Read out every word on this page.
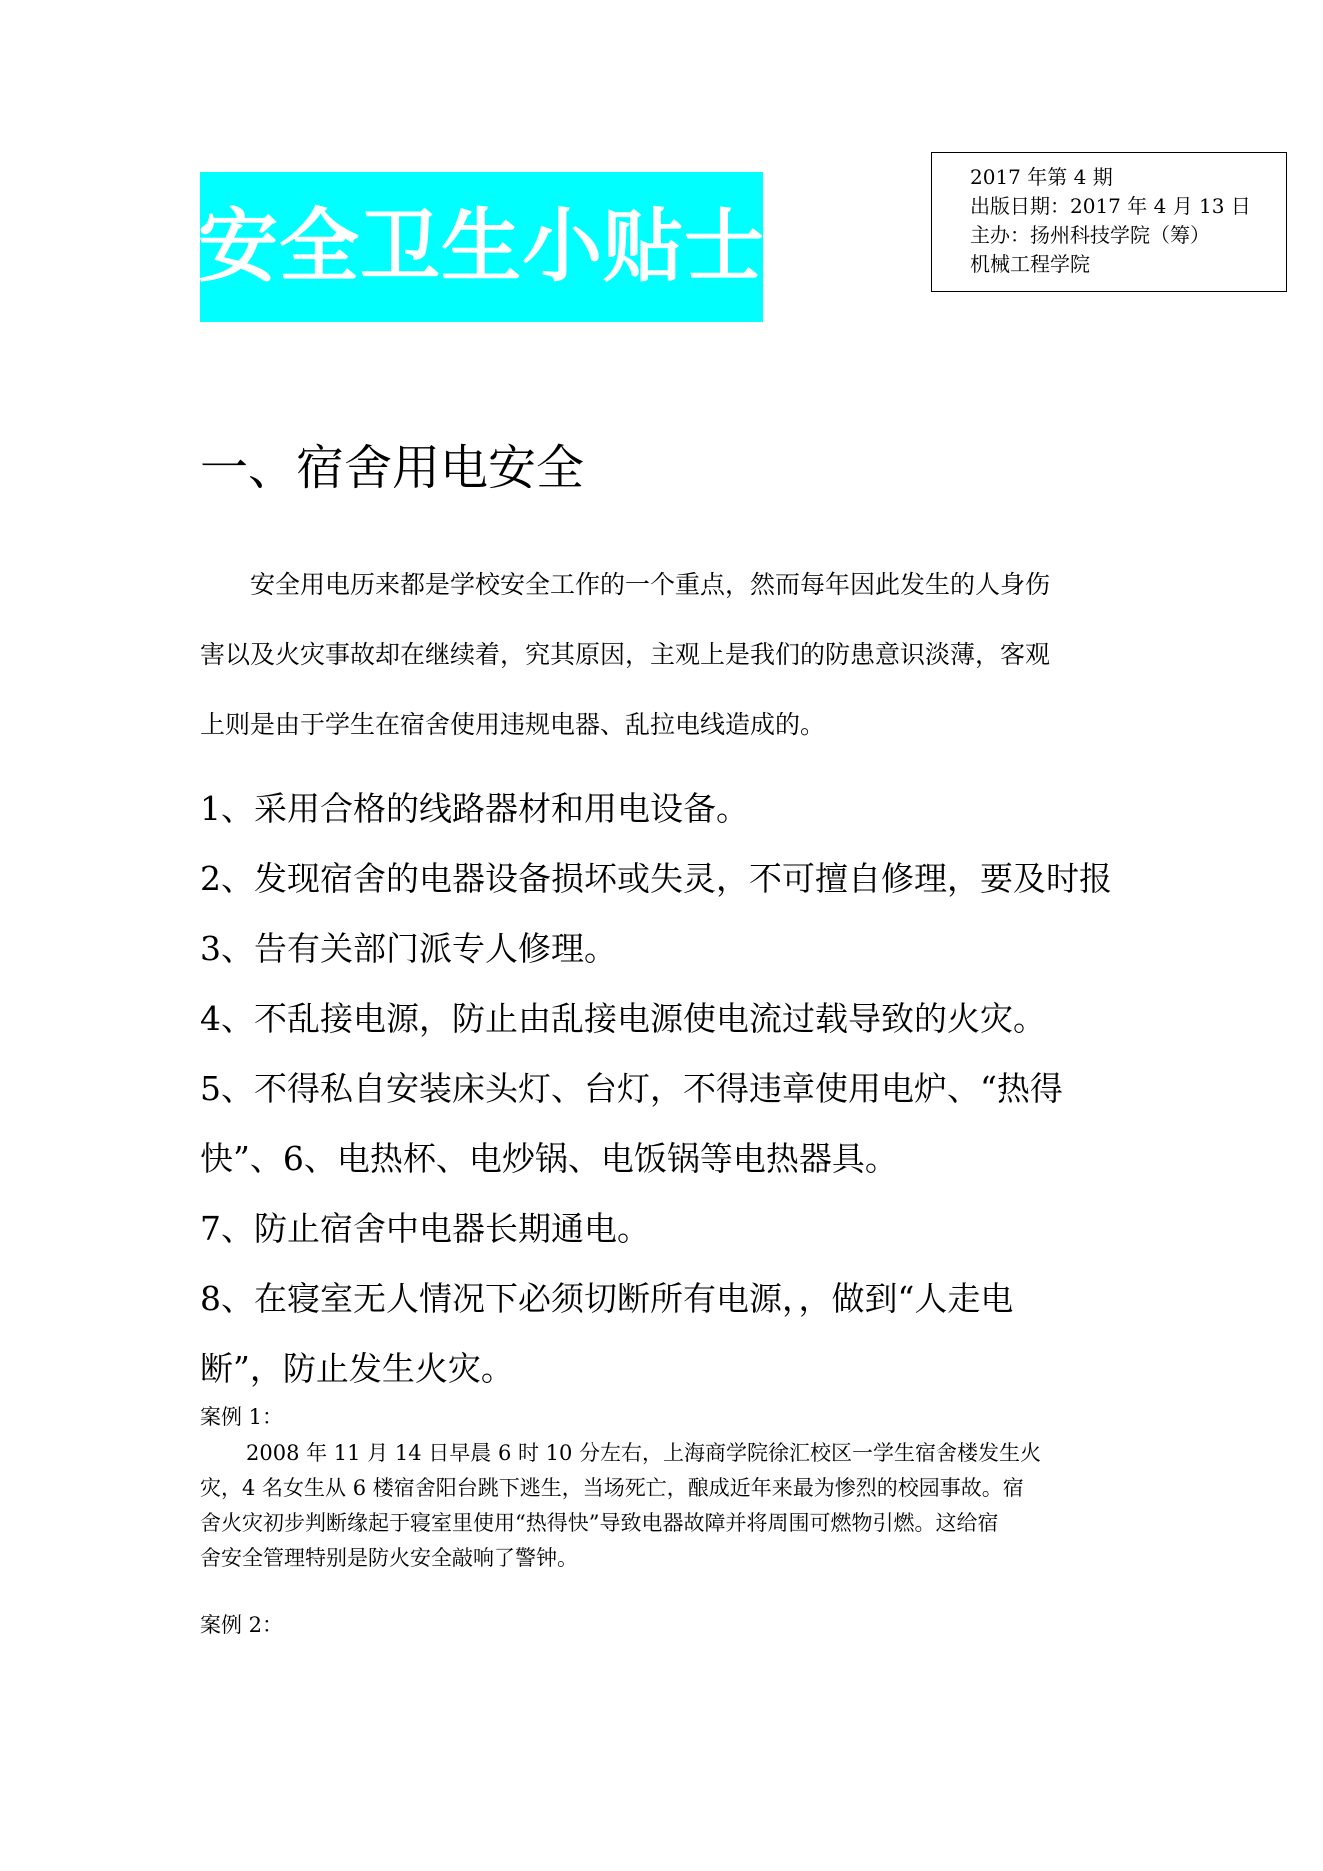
安全卫生小贴士
2017 年第 4 期
出版日期：2017 年 4 月 13 日
主办：扬州科技学院（筹）
机械工程学院
一、宿舍用电安全
安全用电历来都是学校安全工作的一个重点，然而每年因此发生的人身伤
害以及火灾事故却在继续着，究其原因，主观上是我们的防患意识淡薄，客观
上则是由于学生在宿舍使用违规电器、乱拉电线造成的。
1、采用合格的线路器材和用电设备。
2、发现宿舍的电器设备损坏或失灵，不可擅自修理，要及时报
3、告有关部门派专人修理。
4、不乱接电源，防止由乱接电源使电流过载导致的火灾。
5、不得私自安装床头灯、台灯，不得违章使用电炉、“热得
快”、6、电热杯、电炒锅、电饭锅等电热器具。
7、防止宿舍中电器长期通电。
8、在寝室无人情况下必须切断所有电源，，做到“人走电
断”，防止发生火灾。
案例 1：
2008 年 11 月 14 日早晨 6 时 10 分左右，上海商学院徐汇校区一学生宿舍楼发生火
灾，4 名女生从 6 楼宿舍阳台跳下逃生，当场死亡，酿成近年来最为惨烈的校园事故。宿
舍火灾初步判断缘起于寝室里使用“热得快”导致电器故障并将周围可燃物引燃。这给宿
舍安全管理特别是防火安全敲响了警钟。
案例 2：
